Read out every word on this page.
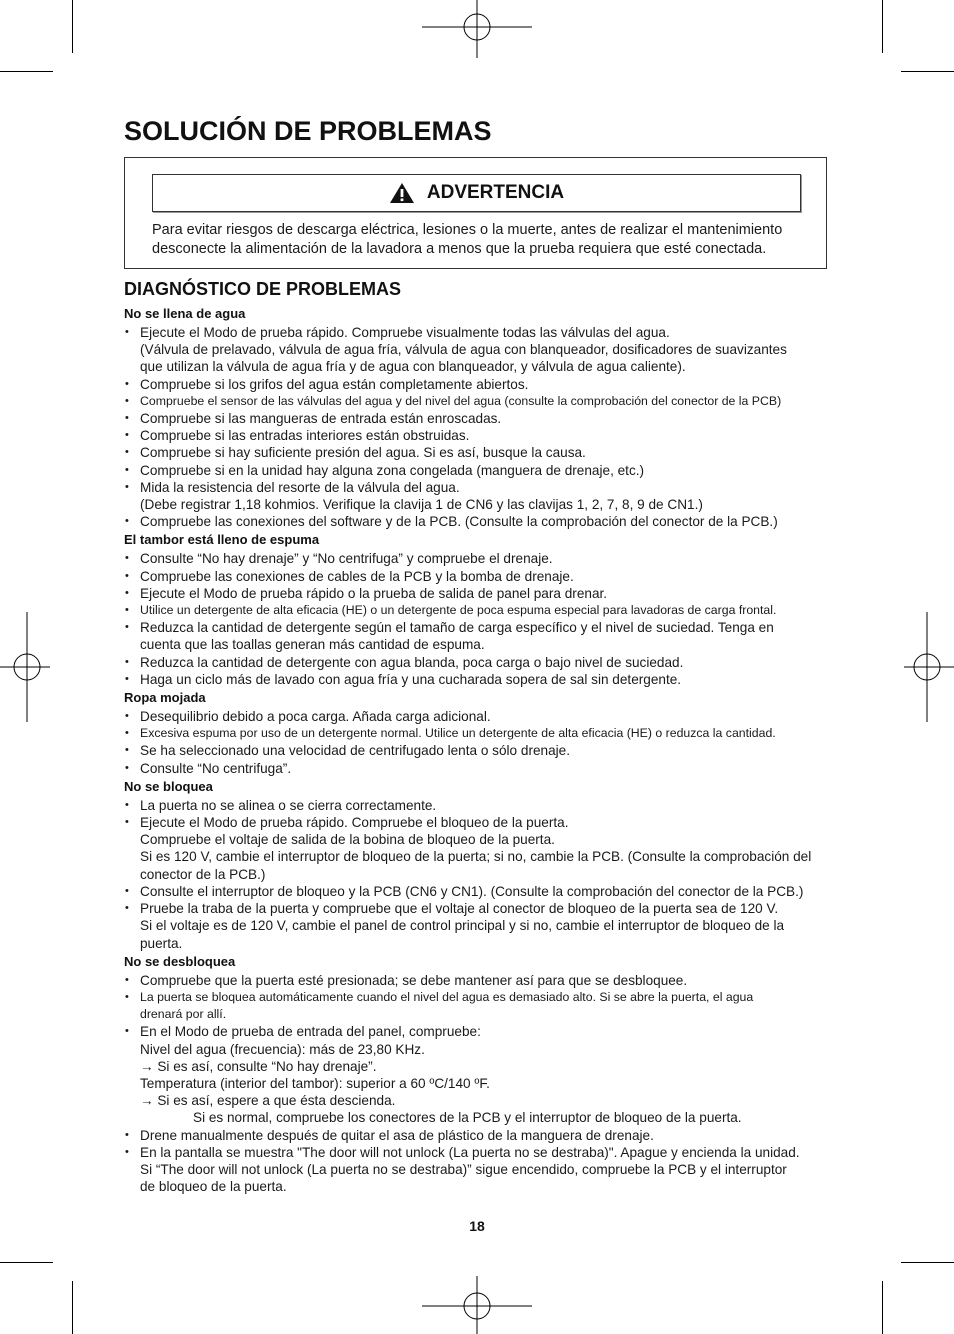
SOLUCIÓN DE PROBLEMAS
ADVERTENCIA
Para evitar riesgos de descarga eléctrica, lesiones o la muerte, antes de realizar el mantenimiento
desconecte la alimentación de la lavadora a menos que la prueba requiera que esté conectada.
DIAGNÓSTICO DE PROBLEMAS

No se llena de agua

• Ejecute el Modo de prueba rápido. Compruebe visualmente todas las válvulas del agua.
(Válvula de prelavado, válvula de agua fría, válvula de agua con blanqueador, dosificadores de suavizantes
que utilizan la válvula de agua fría y de agua con blanqueador, y válvula de agua caliente).
• Compruebe si los grifos del agua están completamente abiertos.
• Compruebe el sensor de las válvulas del agua y del nivel del agua (consulte la comprobación del conector de la PCB)
• Compruebe si las mangueras de entrada están enroscadas.
• Compruebe si las entradas interiores están obstruidas.
• Compruebe si hay suficiente presión del agua. Si es así, busque la causa.
• Compruebe si en la unidad hay alguna zona congelada (manguera de drenaje, etc.)
• Mida la resistencia del resorte de la válvula del agua.
(Debe registrar 1,18 kohmios. Verifique la clavija 1 de CN6 y las clavijas 1, 2, 7, 8, 9 de CN1.)
• Compruebe las conexiones del software y de la PCB. (Consulte la comprobación del conector de la PCB.)

El tambor está lleno de espuma

• Consulte “No hay drenaje” y “No centrifuga” y compruebe el drenaje.
• Compruebe las conexiones de cables de la PCB y la bomba de drenaje.
• Ejecute el Modo de prueba rápido o la prueba de salida de panel para drenar.
• Utilice un detergente de alta eficacia (HE) o un detergente de poca espuma especial para lavadoras de carga frontal.
• Reduzca la cantidad de detergente según el tamaño de carga específico y el nivel de suciedad. Tenga en
cuenta que las toallas generan más cantidad de espuma.
• Reduzca la cantidad de detergente con agua blanda, poca carga o bajo nivel de suciedad.
• Haga un ciclo más de lavado con agua fría y una cucharada sopera de sal sin detergente.

Ropa mojada

• Desequilibrio debido a poca carga. Añada carga adicional.
• Excesiva espuma por uso de un detergente normal. Utilice un detergente de alta eficacia (HE) o reduzca la cantidad.
• Se ha seleccionado una velocidad de centrifugado lenta o sólo drenaje.
• Consulte “No centrifuga”.

No se bloquea

• La puerta no se alinea o se cierra correctamente.
• Ejecute el Modo de prueba rápido. Compruebe el bloqueo de la puerta.
Compruebe el voltaje de salida de la bobina de bloqueo de la puerta.
Si es 120 V, cambie el interruptor de bloqueo de la puerta; si no, cambie la PCB. (Consulte la comprobación del
conector de la PCB.)
• Consulte el interruptor de bloqueo y la PCB (CN6 y CN1). (Consulte la comprobación del conector de la PCB.)
• Pruebe la traba de la puerta y compruebe que el voltaje al conector de bloqueo de la puerta sea de 120 V.
Si el voltaje es de 120 V, cambie el panel de control principal y si no, cambie el interruptor de bloqueo de la
puerta.

No se desbloquea

• Compruebe que la puerta esté presionada; se debe mantener así para que se desbloquee.
• La puerta se bloquea automáticamente cuando el nivel del agua es demasiado alto. Si se abre la puerta, el agua
drenará por allí.
• En el Modo de prueba de entrada del panel, compruebe:
Nivel del agua (frecuencia): más de 23,80 KHz.
→ Si es así, consulte “No hay drenaje”.
Temperatura (interior del tambor): superior a 60 ºC/140 ºF.
→ Si es así, espere a que ésta descienda.
Si es normal, compruebe los conectores de la PCB y el interruptor de bloqueo de la puerta.
• Drene manualmente después de quitar el asa de plástico de la manguera de drenaje.
• En la pantalla se muestra "The door will not unlock (La puerta no se destraba)". Apague y encienda la unidad.
Si “The door will not unlock (La puerta no se destraba)” sigue encendido, compruebe la PCB y el interruptor
de bloqueo de la puerta.
18
